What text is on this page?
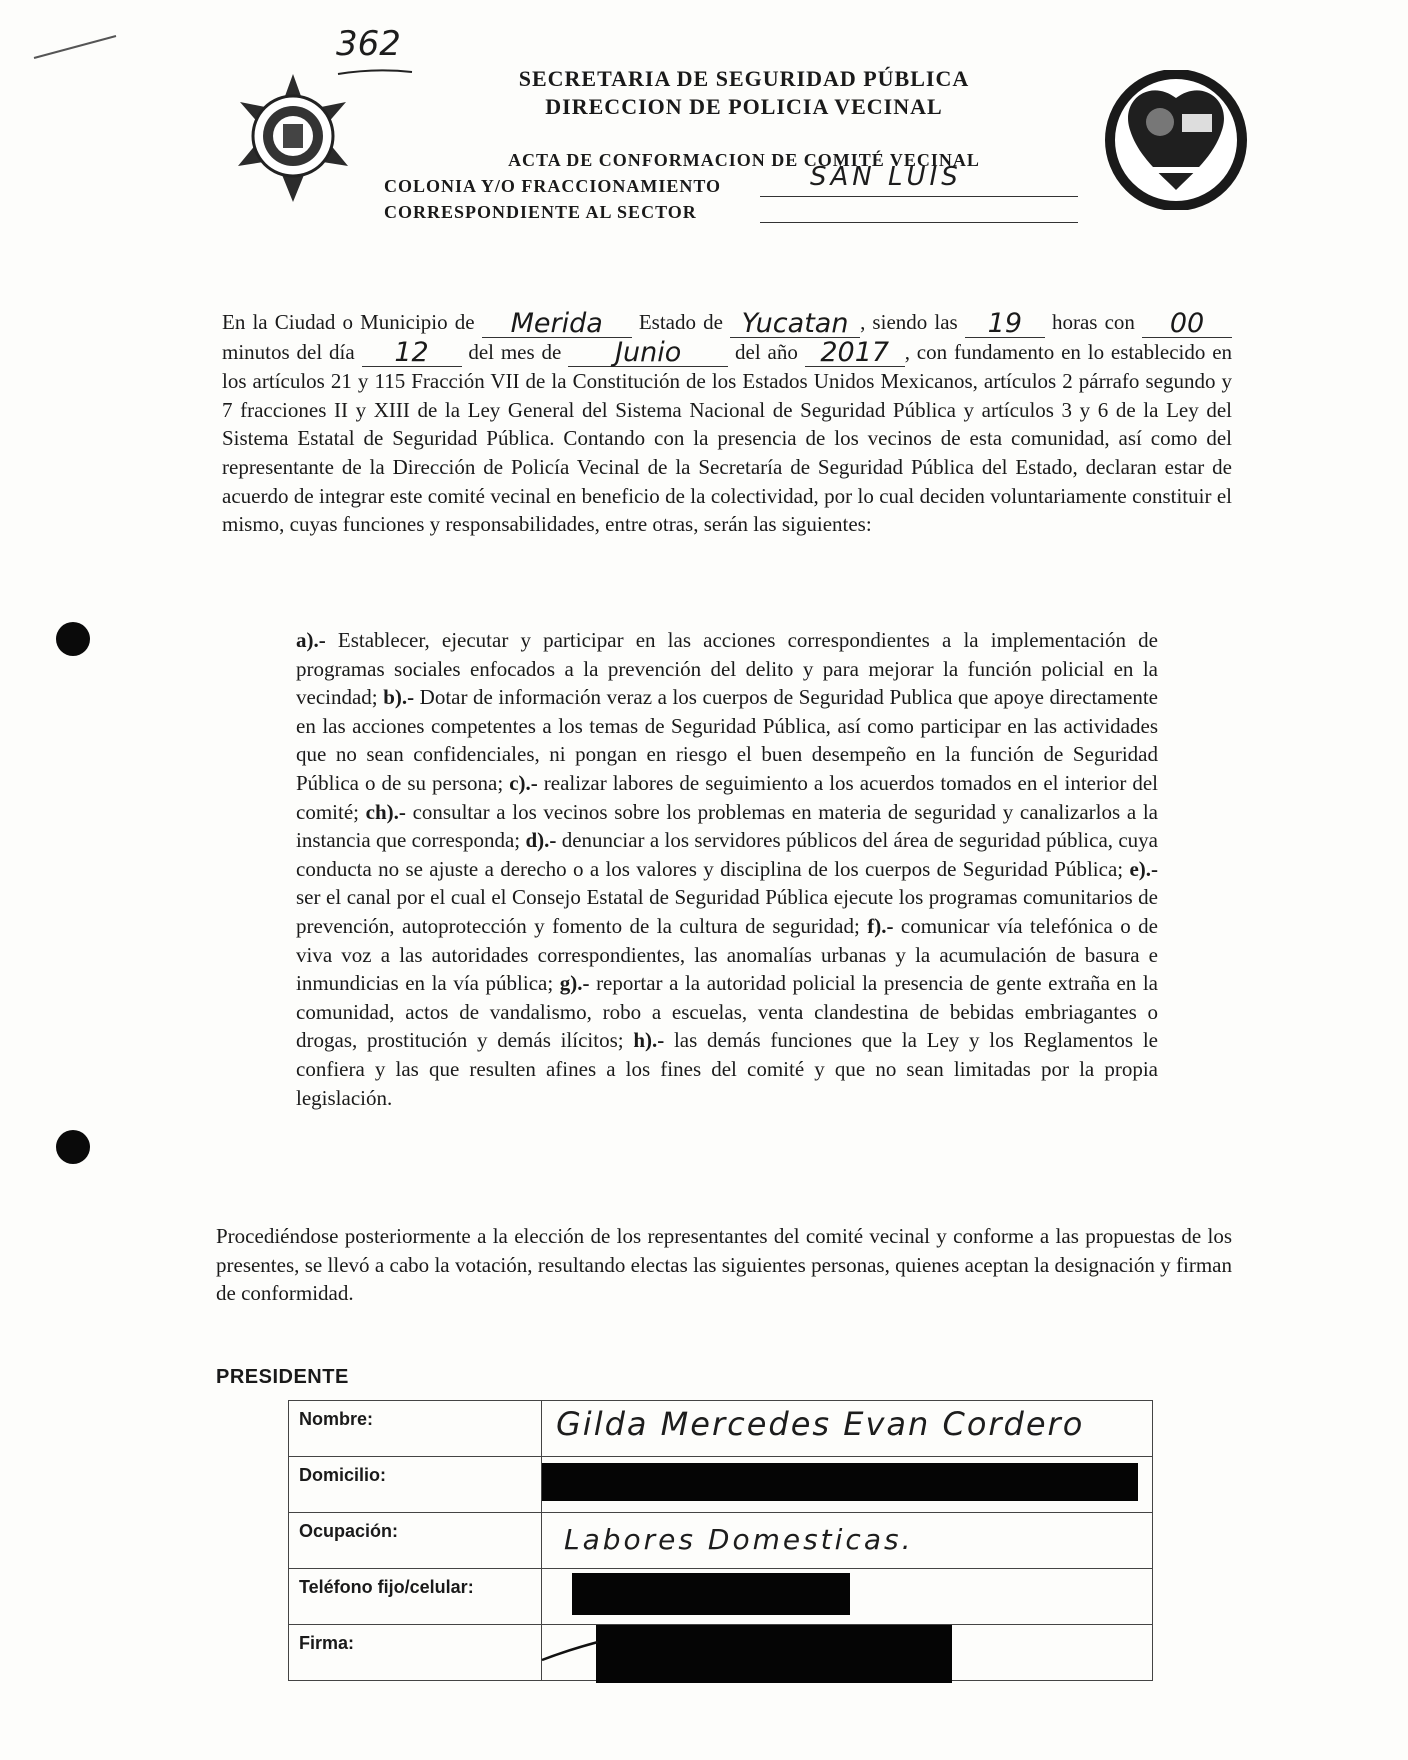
362
SECRETARIA DE SEGURIDAD PÚBLICA
DIRECCION DE POLICIA VECINAL
ACTA DE CONFORMACION DE COMITÉ VECINAL
COLONIA Y/O FRACCIONAMIENTO	SAN LUIS
CORRESPONDIENTE AL SECTOR

En la Ciudad o Municipio de	Merida	Estado de Yucatan , siendo las	19	horas con	00
minutos del día	12	del mes de	Junio	del año 2017 , con fundamento en lo establecido en los artículos 21 y 115 Fracción VII de la Constitución de los Estados Unidos Mexicanos, artículos 2 párrafo segundo y 7 fracciones II y XIII de la Ley General del Sistema Nacional de Seguridad Pública y artículos 3 y 6 de la Ley del Sistema Estatal de Seguridad Pública. Contando con la presencia de los vecinos de esta comunidad, así como del representante de la Dirección de Policía Vecinal de la Secretaría de Seguridad Pública del Estado, declaran estar de acuerdo de integrar este comité vecinal en beneficio de la colectividad, por lo cual deciden voluntariamente constituir el mismo, cuyas funciones y responsabilidades, entre otras, serán las siguientes:

a).- Establecer, ejecutar y participar en las acciones correspondientes a la implementación de programas sociales enfocados a la prevención del delito y para mejorar la función policial en la vecindad; b).- Dotar de información veraz a los cuerpos de Seguridad Publica que apoye directamente en las acciones competentes a los temas de Seguridad Pública, así como participar en las actividades que no sean confidenciales, ni pongan en riesgo el buen desempeño en la función de Seguridad Pública o de su persona; c).- realizar labores de seguimiento a los acuerdos tomados en el interior del comité; ch).- consultar a los vecinos sobre los problemas en materia de seguridad y canalizarlos a la instancia que corresponda; d).- denunciar a los servidores públicos del área de seguridad pública, cuya conducta no se ajuste a derecho o a los valores y disciplina de los cuerpos de Seguridad Pública; e).- ser el canal por el cual el Consejo Estatal de Seguridad Pública ejecute los programas comunitarios de prevención, autoprotección y fomento de la cultura de seguridad; f).- comunicar vía telefónica o de viva voz a las autoridades correspondientes, las anomalías urbanas y la acumulación de basura e inmundicias en la vía pública; g).- reportar a la autoridad policial la presencia de gente extraña en la comunidad, actos de vandalismo, robo a escuelas, venta clandestina de bebidas embriagantes o drogas, prostitución y demás ilícitos; h).- las demás funciones que la Ley y los Reglamentos le confiera y las que resulten afines a los fines del comité y que no sean limitadas por la propia legislación.

Procediéndose posteriormente a la elección de los representantes del comité vecinal y conforme a las propuestas de los presentes, se llevó a cabo la votación, resultando electas las siguientes personas, quienes aceptan la designación y firman de conformidad.
PRESIDENTE
Nombre:	Gilda Mercedes Evan Cordero

Domicilio:	

Ocupación:	Labores Domesticas.

Teléfono fijo/celular:	

Firma:	
